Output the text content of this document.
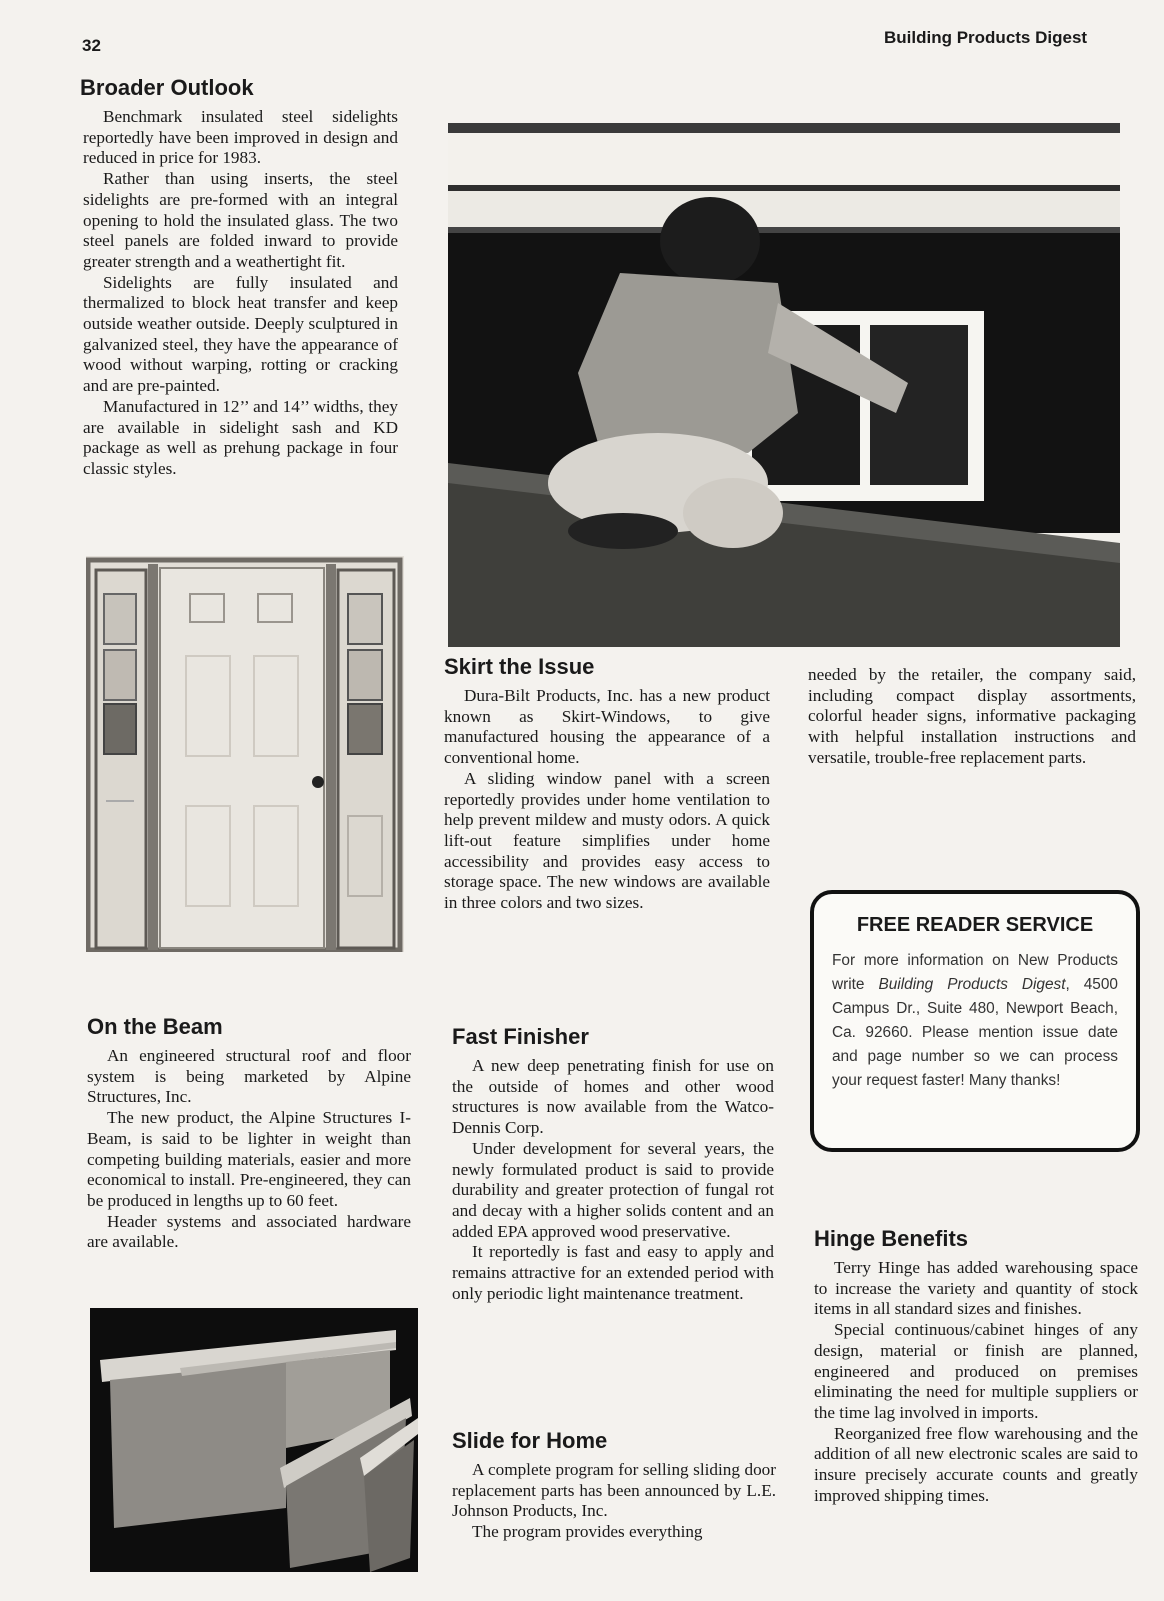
32	Building Products Digest
Broader Outlook

Benchmark insulated steel sidelights reportedly have been improved in design and reduced in price for 1983.

Rather than using inserts, the steel sidelights are pre-formed with an integral opening to hold the insulated glass. The two steel panels are folded inward to provide greater strength and a weathertight fit.

Sidelights are fully insulated and thermalized to block heat transfer and keep outside weather outside. Deeply sculptured in galvanized steel, they have the appearance of wood without warping, rotting or cracking and are pre-painted.

Manufactured in 12’’ and 14’’ widths, they are available in sidelight sash and KD package as well as prehung package in four classic styles.

Skirt the Issue

Dura-Bilt Products, Inc. has a new product known as Skirt-Windows, to give manufactured housing the appearance of a conventional home.

A sliding window panel with a screen reportedly provides under home ventilation to help prevent mildew and musty odors. A quick lift-out feature simplifies under home accessibility and provides easy access to storage space. The new windows are available in three colors and two sizes.

needed by the retailer, the company said, including compact display assortments, colorful header signs, informative packaging with helpful installation instructions and versatile, trouble-free replacement parts.
FREE READER SERVICE
For more information on New Products write Building Products Digest, 4500 Campus Dr., Suite 480, Newport Beach, Ca. 92660. Please mention issue date and page number so we can process your request faster! Many thanks!
On the Beam

An engineered structural roof and floor system is being marketed by Alpine Structures, Inc.

The new product, the Alpine Structures I-Beam, is said to be lighter in weight than competing building materials, easier and more economical to install. Pre-engineered, they can be produced in lengths up to 60 feet.

Header systems and associated hardware are available.

Fast Finisher

A new deep penetrating finish for use on the outside of homes and other wood structures is now available from the Watco-Dennis Corp.

Under development for several years, the newly formulated product is said to provide durability and greater protection of fungal rot and decay with a higher solids content and an added EPA approved wood preservative.

It reportedly is fast and easy to apply and remains attractive for an extended period with only periodic light maintenance treatment.

Slide for Home

A complete program for selling sliding door replacement parts has been announced by L.E. Johnson Products, Inc.

The program provides everything

Hinge Benefits

Terry Hinge has added warehousing space to increase the variety and quantity of stock items in all standard sizes and finishes.

Special continuous/cabinet hinges of any design, material or finish are planned, engineered and produced on premises eliminating the need for multiple suppliers or the time lag involved in imports.

Reorganized free flow warehousing and the addition of all new electronic scales are said to insure precisely accurate counts and greatly improved shipping times.
